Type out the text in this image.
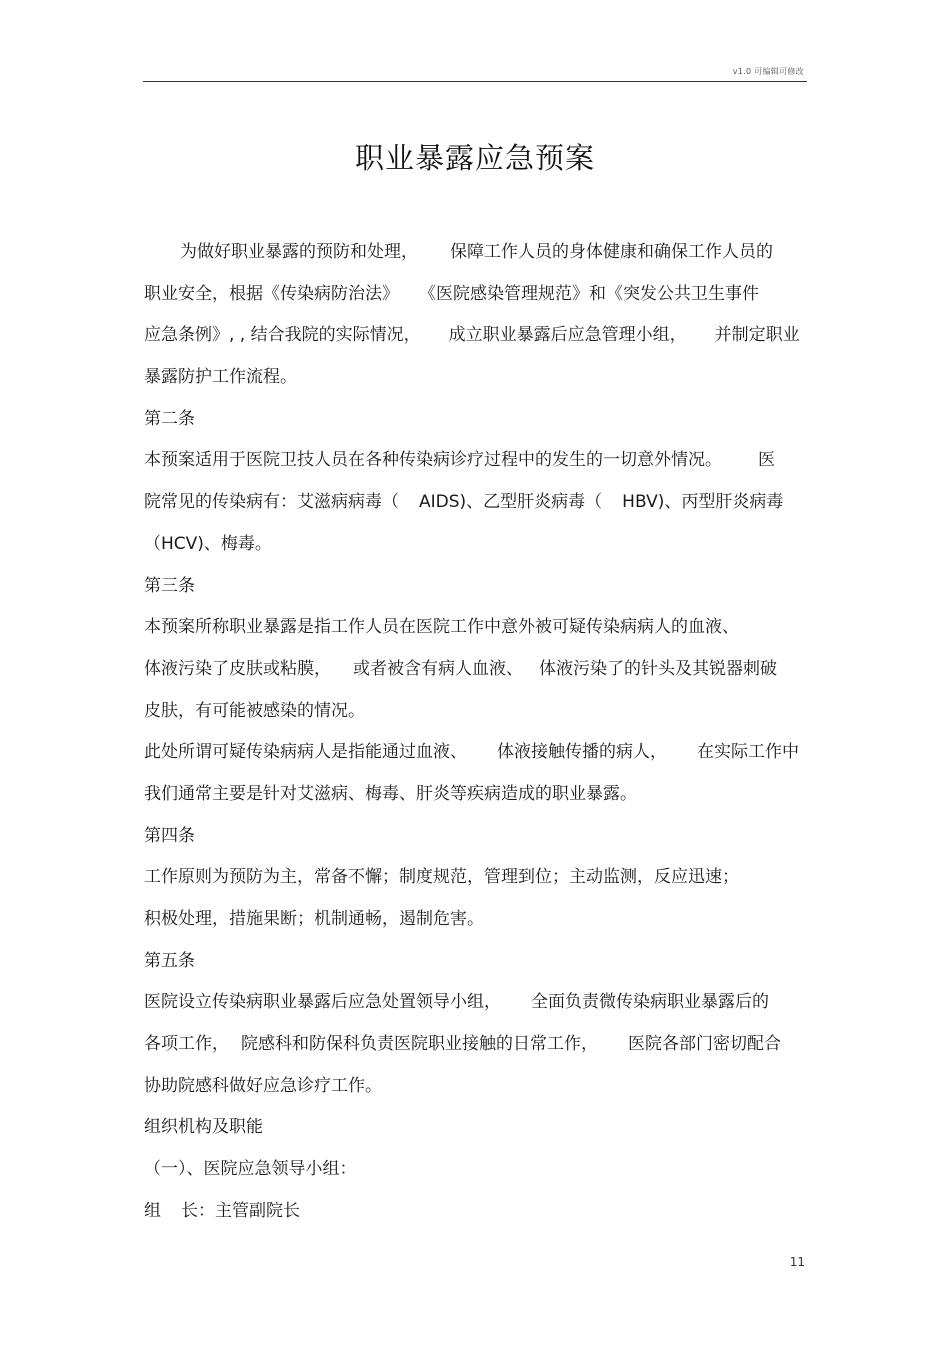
v1.0 可编辑可修改
职业暴露应急预案
为做好职业暴露的预防和处理， 保障工作人员的身体健康和确保工作人员的
职业安全，根据《传染病防治法》 《医院感染管理规范》和《突发公共卫生事件
应急条例》, , 结合我院的实际情况， 成立职业暴露后应急管理小组， 并制定职业
暴露防护工作流程。
第二条
本预案适用于医院卫技人员在各种传染病诊疗过程中的发生的一切意外情况。 医
院常见的传染病有：艾滋病病毒（ AIDS)、乙型肝炎病毒（ HBV)、丙型肝炎病毒
（HCV)、梅毒。
第三条
本预案所称职业暴露是指工作人员在医院工作中意外被可疑传染病病人的血液、
体液污染了皮肤或粘膜， 或者被含有病人血液、 体液污染了的针头及其锐器刺破
皮肤，有可能被感染的情况。
此处所谓可疑传染病病人是指能通过血液、 体液接触传播的病人， 在实际工作中
我们通常主要是针对艾滋病、梅毒、肝炎等疾病造成的职业暴露。
第四条
工作原则为预防为主，常备不懈；制度规范，管理到位；主动监测，反应迅速；
积极处理，措施果断；机制通畅，遏制危害。
第五条
医院设立传染病职业暴露后应急处置领导小组， 全面负责微传染病职业暴露后的
各项工作， 院感科和防保科负责医院职业接触的日常工作， 医院各部门密切配合
协助院感科做好应急诊疗工作。
组织机构及职能
（一）、医院应急领导小组：
组 长：主管副院长
11
